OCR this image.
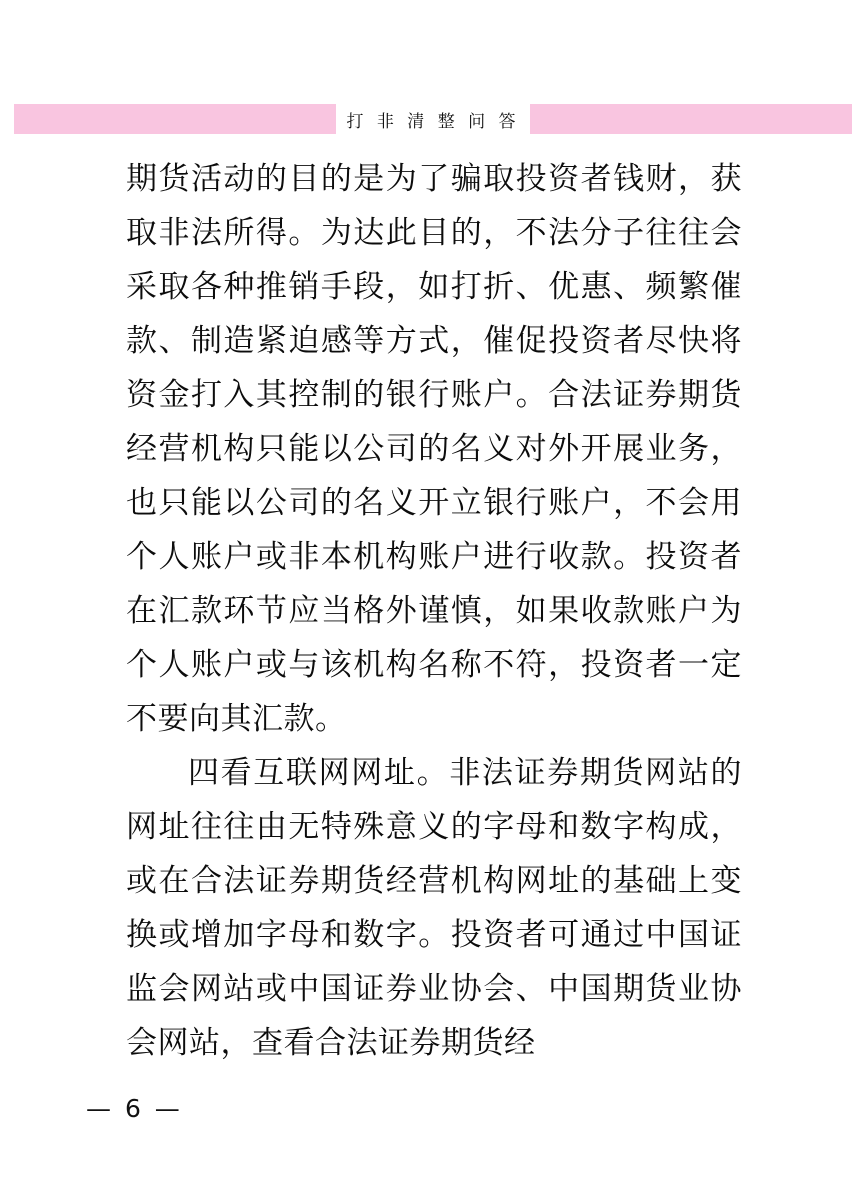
打 非 清 整 问 答

期货活动的目的是为了骗取投资者钱财，获取非法所得。为达此目的，不法分子往往会采取各种推销手段，如打折、优惠、频繁催款、制造紧迫感等方式，催促投资者尽快将资金打入其控制的银行账户。合法证券期货经营机构只能以公司的名义对外开展业务，也只能以公司的名义开立银行账户，不会用个人账户或非本机构账户进行收款。投资者在汇款环节应当格外谨慎，如果收款账户为个人账户或与该机构名称不符，投资者一定不要向其汇款。

四看互联网网址。非法证券期货网站的网址往往由无特殊意义的字母和数字构成，或在合法证券期货经营机构网址的基础上变换或增加字母和数字。投资者可通过中国证监会网站或中国证券业协会、中国期货业协会网站，查看合法证券期货经

— 6 —
